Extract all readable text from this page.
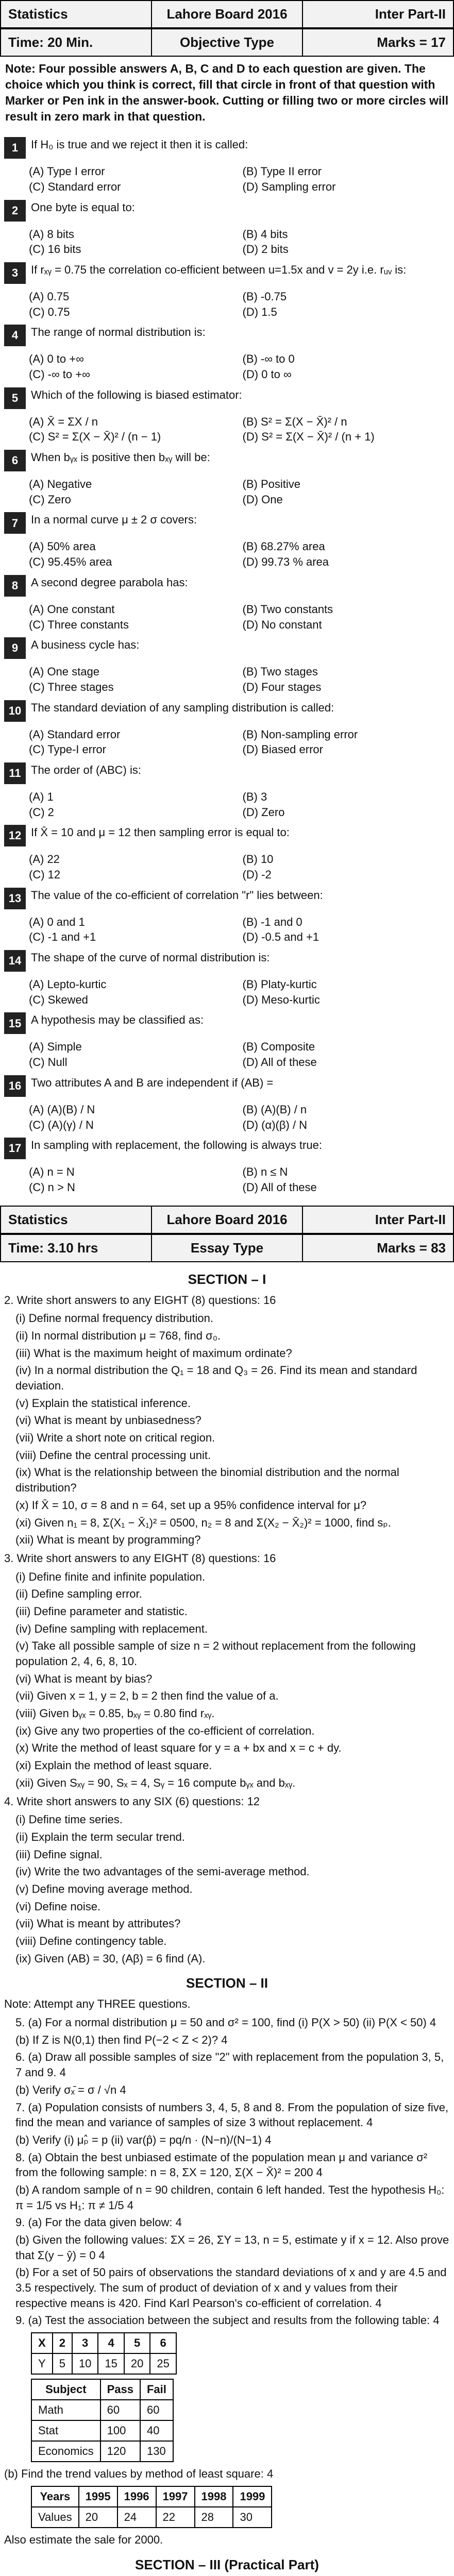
Statistics	Lahore Board 2016	Inter Part-II
Time: 20 Min.	Objective Type	Marks = 17
Note: Four possible answers A, B, C and D to each question are given. The choice which you think is correct, fill that circle in front of that question with Marker or Pen ink in the answer-book. Cutting or filling two or more circles will result in zero mark in that question.
1	If H₀ is true and we reject it then it is called:
(A) Type I error	(B) Type II error
(C) Standard error	(D) Sampling error
2	One byte is equal to:
(A) 8 bits	(B) 4 bits
(C) 16 bits	(D) 2 bits
3	If rₓᵧ = 0.75 the correlation co-efficient between u=1.5x and v = 2y i.e. rᵤᵥ is:
(A) 0.75	(B) -0.75
(C) 0.75	(D) 1.5
4	The range of normal distribution is:
(A) 0 to +∞	(B) -∞ to 0
(C) -∞ to +∞	(D) 0 to ∞
5	Which of the following is biased estimator:
(A) X̄ = ΣX / n	(B) S² = Σ(X − X̄)² / n
(C) S² = Σ(X − X̄)² / (n − 1)	(D) S² = Σ(X − X̄)² / (n + 1)
6	When bᵧₓ is positive then bₓᵧ will be:
(A) Negative	(B) Positive
(C) Zero	(D) One
7	In a normal curve μ ± 2 σ covers:
(A) 50% area	(B) 68.27% area
(C) 95.45% area	(D) 99.73 % area
8	A second degree parabola has:
(A) One constant	(B) Two constants
(C) Three constants	(D) No constant
9	A business cycle has:
(A) One stage	(B) Two stages
(C) Three stages	(D) Four stages
10 The standard deviation of any sampling distribution is called:
(A) Standard error	(B) Non-sampling error
(C) Type-I error	(D) Biased error
11 The order of (ABC) is:
(A) 1	(B) 3
(C) 2	(D) Zero
12 If X̄ = 10 and μ = 12 then sampling error is equal to:
(A) 22	(B) 10
(C) 12	(D) -2
13 The value of the co-efficient of correlation "r" lies between:
(A) 0 and 1	(B) -1 and 0
(C) -1 and +1	(D) -0.5 and +1
14 The shape of the curve of normal distribution is:
(A) Lepto-kurtic	(B) Platy-kurtic
(C) Skewed	(D) Meso-kurtic
15 A hypothesis may be classified as:
(A) Simple	(B) Composite
(C) Null	(D) All of these
16 Two attributes A and B are independent if (AB) =
(A) (A)(B) / N	(B) (A)(B) / n
(C) (A)(γ) / N	(D) (α)(β) / N
17 In sampling with replacement, the following is always true:
(A) n = N	(B) n ≤ N
(C) n > N	(D) All of these
Statistics	Lahore Board 2016	Inter Part-II
Time: 3.10 hrs	Essay Type	Marks = 83
SECTION – I
2. Write short answers to any EIGHT (8) questions: 16
(i) Define normal frequency distribution.
(ii) In normal distribution μ = 768, find σ₀.
(iii) What is the maximum height of maximum ordinate?
(iv) In a normal distribution the Q₁ = 18 and Q₃ = 26. Find its mean and standard deviation.
(v) Explain the statistical inference.
(vi) What is meant by unbiasedness?
(vii) Write a short note on critical region.
(viii) Define the central processing unit.
(ix) What is the relationship between the binomial distribution and the normal distribution?
(x) If X̄ = 10, σ = 8 and n = 64, set up a 95% confidence interval for μ?
(xi) Given n₁ = 8, Σ(X₁ − X̄₁)² = 0500, n₂ = 8 and Σ(X₂ − X̄₂)² = 1000, find sₚ.
(xii) What is meant by programming?
3. Write short answers to any EIGHT (8) questions: 16
(i) Define finite and infinite population.
(ii) Define sampling error.
(iii) Define parameter and statistic.
(iv) Define sampling with replacement.
(v) Take all possible sample of size n = 2 without replacement from the following population 2, 4, 6, 8, 10.
(vi) What is meant by bias?
(vii) Given x = 1, y = 2, b = 2 then find the value of a.
(viii) Given bᵧₓ = 0.85, bₓᵧ = 0.80 find rₓᵧ.
(ix) Give any two properties of the co-efficient of correlation.
(x) Write the method of least square for y = a + bx and x = c + dy.
(xi) Explain the method of least square.
(xii) Given Sₓᵧ = 90, Sₓ = 4, Sᵧ = 16 compute bᵧₓ and bₓᵧ.
4. Write short answers to any SIX (6) questions: 12
(i) Define time series.
(ii) Explain the term secular trend.
(iii) Define signal.
(iv) Write the two advantages of the semi-average method.
(v) Define moving average method.
(vi) Define noise.
(vii) What is meant by attributes?
(viii) Define contingency table.
(ix) Given (AB) = 30, (Aβ) = 6 find (A).
SECTION – II
Note: Attempt any THREE questions.
5. (a) For a normal distribution μ = 50 and σ² = 100, find (i) P(X > 50) (ii) P(X < 50) 4
(b) If Z is N(0,1) then find P(−2 < Z < 2)? 4
6. (a) Draw all possible samples of size "2" with replacement from the population 3, 5, 7 and 9. 4
(b) Verify σₓ̄ = σ / √n 4
7. (a) Population consists of numbers 3, 4, 5, 8 and 8. From the population of size five, find the mean and variance of samples of size 3 without replacement. 4
(b) Verify (i) μₚ̂ = p (ii) var(p̂) = pq/n · (N−n)/(N−1) 4
8. (a) Obtain the best unbiased estimate of the population mean μ and variance σ² from the following sample: n = 8, ΣX = 120, Σ(X − X̄)² = 200 4
(b) A random sample of n = 90 children, contain 6 left handed. Test the hypothesis H₀: π = 1/5 vs H₁: π ≠ 1/5 4
9. (a) For the data given below: 4
(b) Given the following values: ΣX = 26, ΣY = 13, n = 5, estimate y if x = 12. Also prove that Σ(y − ŷ) = 0 4
(b) For a set of 50 pairs of observations the standard deviations of x and y are 4.5 and 3.5 respectively. The sum of product of deviation of x and y values from their respective means is 420. Find Karl Pearson's co-efficient of correlation. 4
9. (a) Test the association between the subject and results from the following table: 4
X	2	3	4	5	6
Y	5	10	15	20	25
Subject	Pass	Fail
Math	60	60
Stat	100	40
Economics	120	130
(b) Find the trend values by method of least square: 4
Years	1995	1996	1997	1998	1999
Values	20	24	22	28	30
Also estimate the sale for 2000.
SECTION – III (Practical Part)
